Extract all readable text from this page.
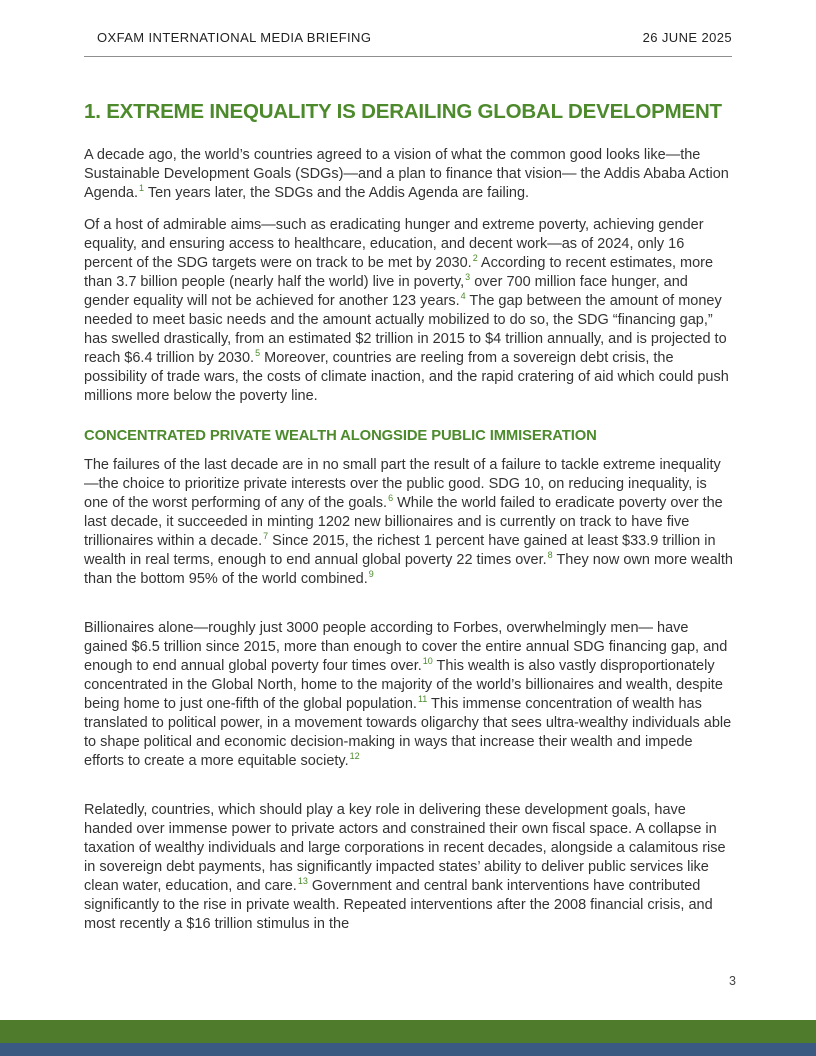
OXFAM INTERNATIONAL MEDIA BRIEFING	26 JUNE 2025
1. EXTREME INEQUALITY IS DERAILING GLOBAL DEVELOPMENT

A decade ago, the world’s countries agreed to a vision of what the common good looks like—the Sustainable Development Goals (SDGs)—and a plan to finance that vision— the Addis Ababa Action Agenda.$^1$ Ten years later, the SDGs and the Addis Agenda are failing.

Of a host of admirable aims—such as eradicating hunger and extreme poverty, achieving gender equality, and ensuring access to healthcare, education, and decent work—as of 2024, only 16 percent of the SDG targets were on track to be met by 2030.$^2$ According to recent estimates, more than 3.7 billion people (nearly half the world) live in poverty,$^3$ over 700 million face hunger, and gender equality will not be achieved for another 123 years.$^4$ The gap between the amount of money needed to meet basic needs and the amount actually mobilized to do so, the SDG “financing gap,” has swelled drastically, from an estimated $2 trillion in 2015 to $4 trillion annually, and is projected to reach $6.4 trillion by 2030.$^5$ Moreover, countries are reeling from a sovereign debt crisis, the possibility of trade wars, the costs of climate inaction, and the rapid cratering of aid which could push millions more below the poverty line.

CONCENTRATED PRIVATE WEALTH ALONGSIDE PUBLIC IMMISERATION

The failures of the last decade are in no small part the result of a failure to tackle extreme inequality—the choice to prioritize private interests over the public good. SDG 10, on reducing inequality, is one of the worst performing of any of the goals.$^6$ While the world failed to eradicate poverty over the last decade, it succeeded in minting 1202 new billionaires and is currently on track to have five trillionaires within a decade.$^7$ Since 2015, the richest 1 percent have gained at least $33.9 trillion in wealth in real terms, enough to end annual global poverty 22 times over.$^8$ They now own more wealth than the bottom 95% of the world combined.$^9$

Billionaires alone—roughly just 3000 people according to Forbes, overwhelmingly men— have gained $6.5 trillion since 2015, more than enough to cover the entire annual SDG financing gap, and enough to end annual global poverty four times over.$^{10}$ This wealth is also vastly disproportionately concentrated in the Global North, home to the majority of the world’s billionaires and wealth, despite being home to just one-fifth of the global population.$^{11}$ This immense concentration of wealth has translated to political power, in a movement towards oligarchy that sees ultra-wealthy individuals able to shape political and economic decision-making in ways that increase their wealth and impede efforts to create a more equitable society.$^{12}$

Relatedly, countries, which should play a key role in delivering these development goals, have handed over immense power to private actors and constrained their own fiscal space. A collapse in taxation of wealthy individuals and large corporations in recent decades, alongside a calamitous rise in sovereign debt payments, has significantly impacted states’ ability to deliver public services like clean water, education, and care.$^{13}$ Government and central bank interventions have contributed significantly to the rise in private wealth. Repeated interventions after the 2008 financial crisis, and most recently a $16 trillion stimulus in the

3
